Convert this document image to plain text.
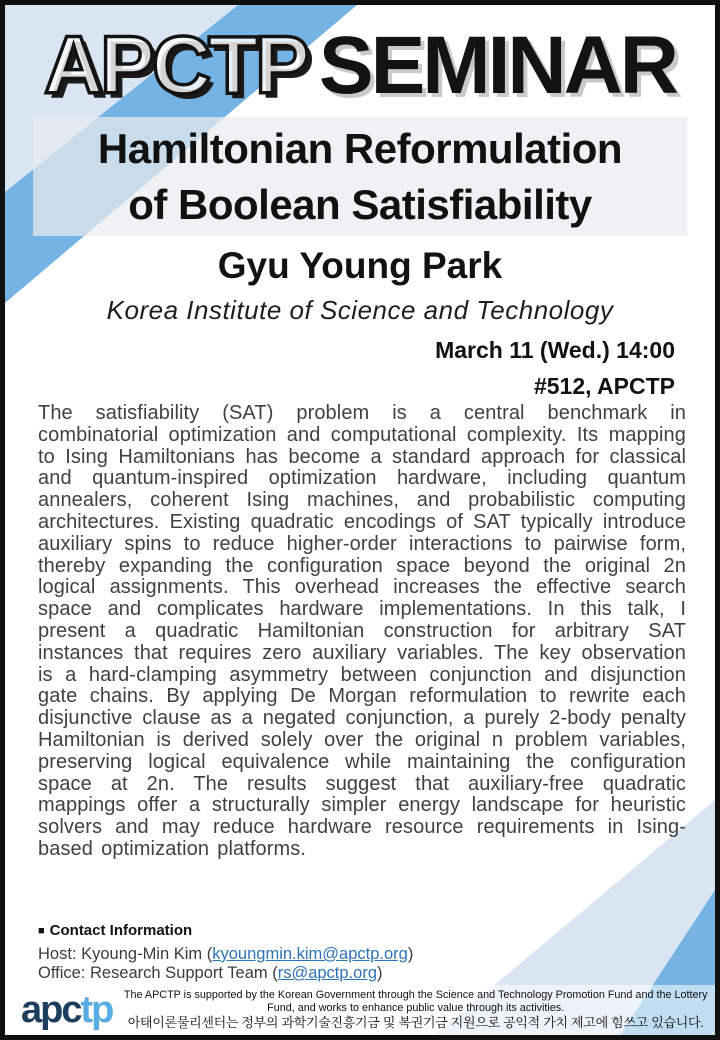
APCTP SEMINAR
Hamiltonian Reformulation
of Boolean Satisfiability
Gyu Young Park
Korea Institute of Science and Technology
March 11 (Wed.) 14:00
#512, APCTP

The satisfiability (SAT) problem is a central benchmark in combinatorial optimization and computational complexity. Its mapping to Ising Hamiltonians has become a standard approach for classical and quantum-inspired optimization hardware, including quantum annealers, coherent Ising machines, and probabilistic computing architectures. Existing quadratic encodings of SAT typically introduce auxiliary spins to reduce higher-order interactions to pairwise form, thereby expanding the configuration space beyond the original 2n logical assignments. This overhead increases the effective search space and complicates hardware implementations. In this talk, I present a quadratic Hamiltonian construction for arbitrary SAT instances that requires zero auxiliary variables. The key observation is a hard-clamping asymmetry between conjunction and disjunction gate chains. By applying De Morgan reformulation to rewrite each disjunctive clause as a negated conjunction, a purely 2-body penalty Hamiltonian is derived solely over the original n problem variables, preserving logical equivalence while maintaining the configuration space at 2n. The results suggest that auxiliary-free quadratic mappings offer a structurally simpler energy landscape for heuristic solvers and may reduce hardware resource requirements in Ising-based optimization platforms.

■ Contact Information
Host: Kyoung-Min Kim (kyoungmin.kim@apctp.org)
Office: Research Support Team (rs@apctp.org)
apctp The APCTP is supported by the Korean Government through the Science and Technology Promotion Fund and the Lottery
Fund, and works to enhance public value through its activities.
아태이론물리센터는 정부의 과학기술진흥기금 및 복권기금 지원으로 공익적 가치 제고에 힘쓰고 있습니다.
